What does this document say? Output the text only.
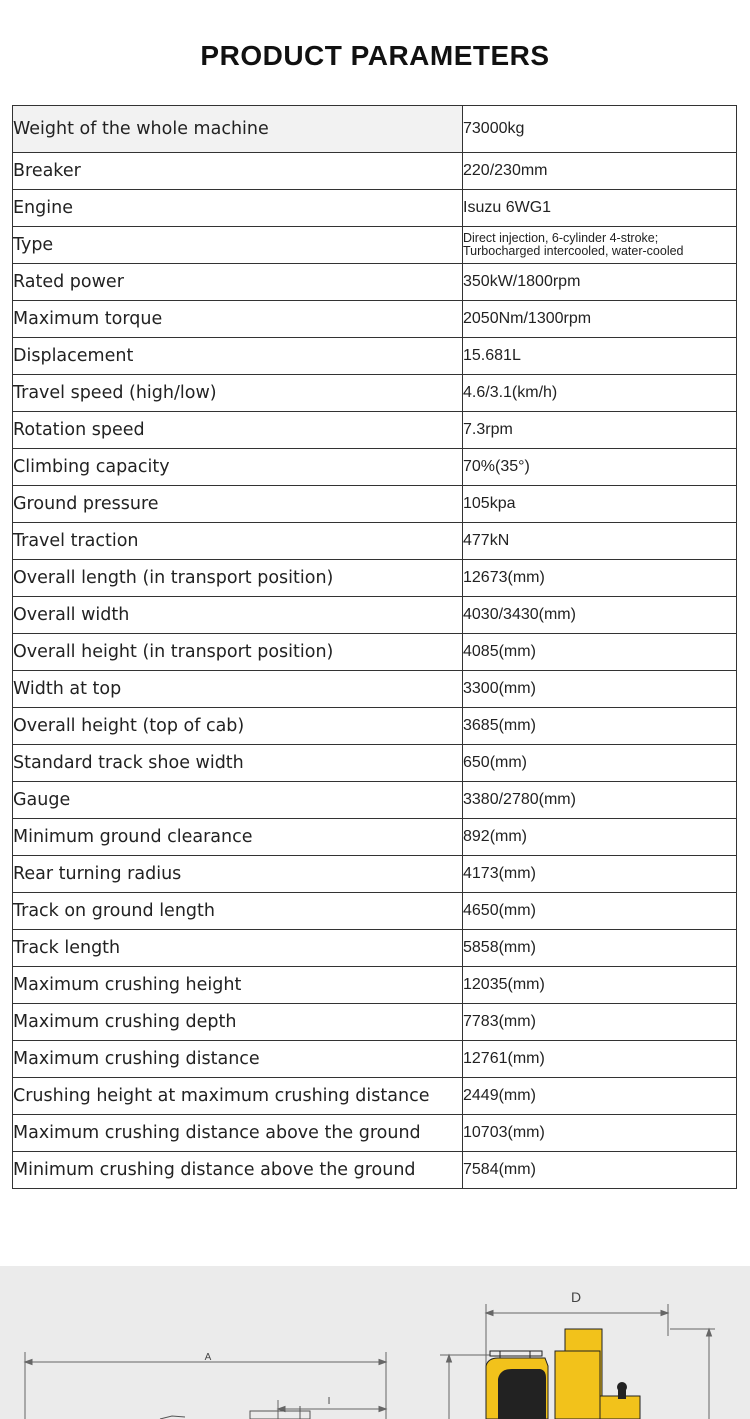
PRODUCT PARAMETERS
Weight of the whole machine	73000kg
Breaker	220/230mm
Engine	Isuzu 6WG1
Type	Direct injection, 6-cylinder 4-stroke;
Turbocharged intercooled, water-cooled

Rated power	350kW/1800rpm
Maximum torque	2050Nm/1300rpm
Displacement	15.681L
Travel speed (high/low)	4.6/3.1(km/h)
Rotation speed	7.3rpm
Climbing capacity	70%(35°)
Ground pressure	105kpa
Travel traction	477kN
Overall length (in transport position)	12673(mm)
Overall width	4030/3430(mm)
Overall height (in transport position)	4085(mm)
Width at top	3300(mm)
Overall height (top of cab)	3685(mm)
Standard track shoe width	650(mm)
Gauge	3380/2780(mm)
Minimum ground clearance	892(mm)
Rear turning radius	4173(mm)
Track on ground length	4650(mm)
Track length	5858(mm)
Maximum crushing height	12035(mm)
Maximum crushing depth	7783(mm)
Maximum crushing distance	12761(mm)
Crushing height at maximum crushing distance	2449(mm)
Maximum crushing distance above the ground	10703(mm)
Minimum crushing distance above the ground	7584(mm)
A
I
D
